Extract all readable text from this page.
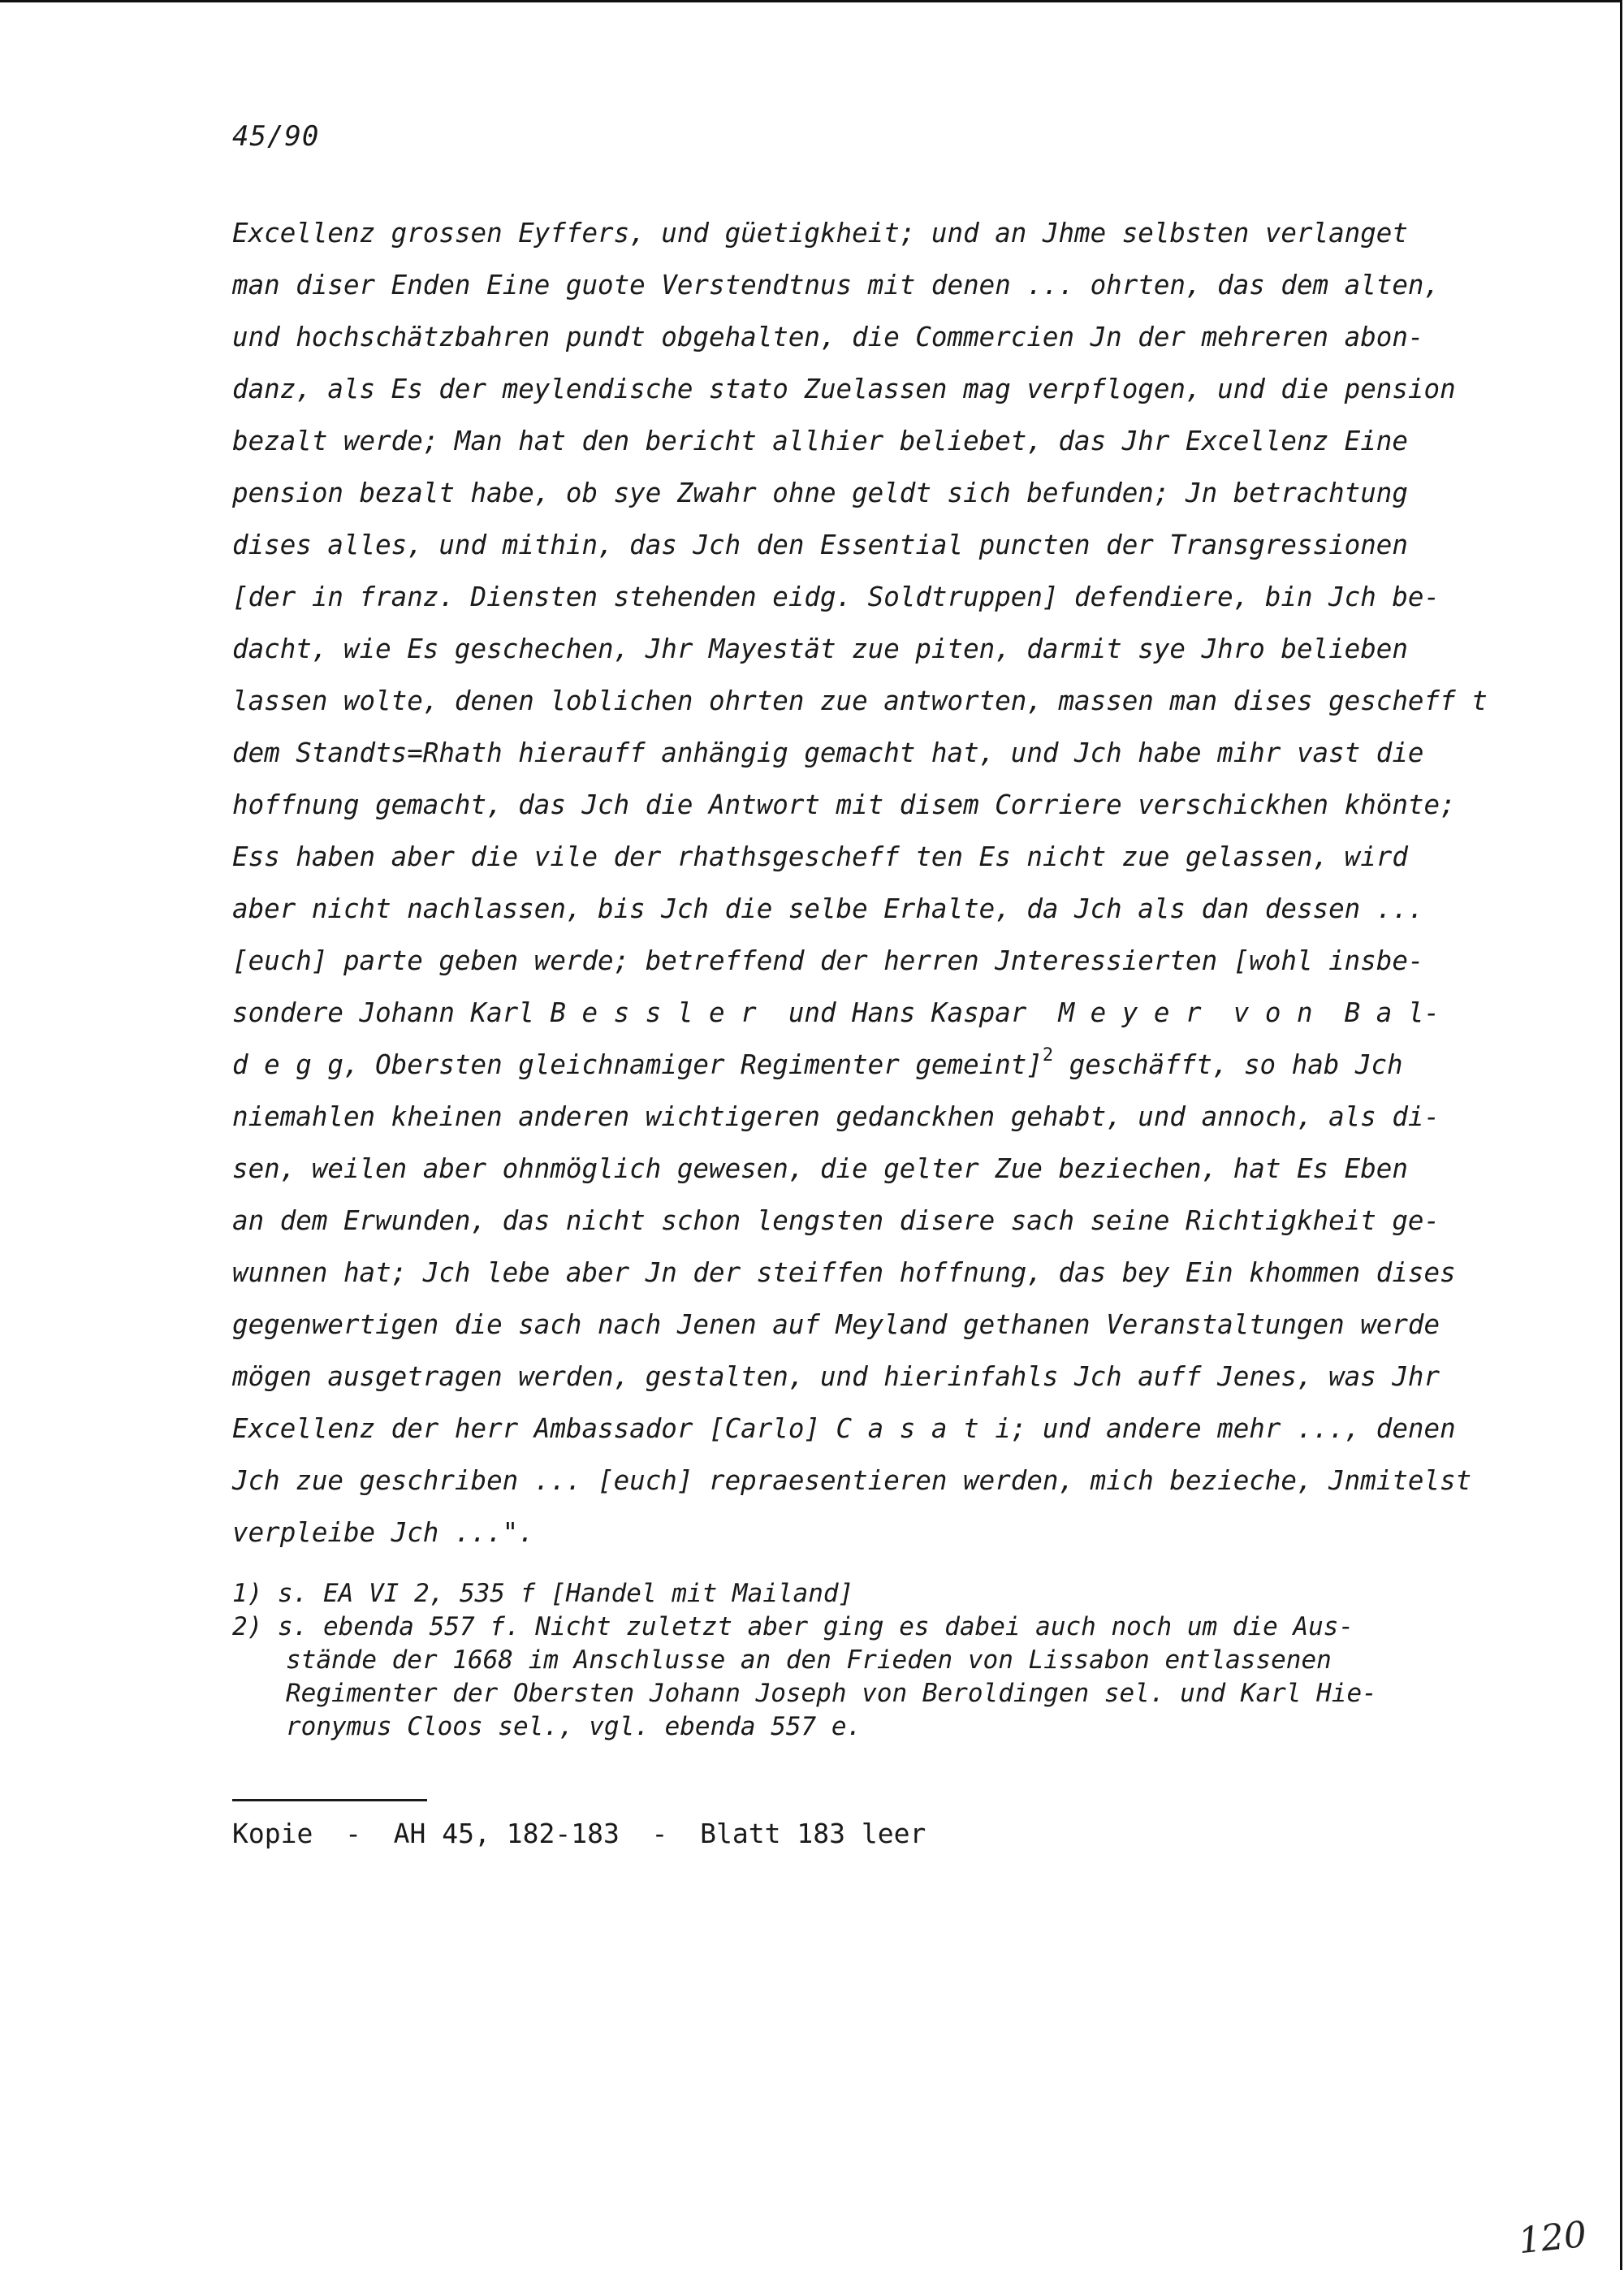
45/90

Excellenz grossen Eyffers, und güetigkheit; und an Jhme selbsten verlanget
man diser Enden Eine guote Verstendtnus mit denen ... ohrten, das dem alten,
und hochschätzbahren pundt obgehalten, die Commercien Jn der mehreren abon-
danz, als Es der meylendische stato Zuelassen mag verpflogen, und die pension
bezalt werde; Man hat den bericht allhier beliebet, das Jhr Excellenz Eine
pension bezalt habe, ob sye Zwahr ohne geldt sich befunden; Jn betrachtung
dises alles, und mithin, das Jch den Essential puncten der Transgressionen
[der in franz. Diensten stehenden eidg. Soldtruppen] defendiere, bin Jch be-
dacht, wie Es geschechen, Jhr Mayestät zue piten, darmit sye Jhro belieben
lassen wolte, denen loblichen ohrten zue antworten, massen man dises gescheff t
dem Standts=Rhath hierauff anhängig gemacht hat, und Jch habe mihr vast die
hoffnung gemacht, das Jch die Antwort mit disem Corriere verschickhen khönte;
Ess haben aber die vile der rhathsgescheff ten Es nicht zue gelassen, wird
aber nicht nachlassen, bis Jch die selbe Erhalte, da Jch als dan dessen ...
[euch] parte geben werde; betreffend der herren Jnteressierten [wohl insbe-
sondere Johann Karl B e s s l e r  und Hans Kaspar  M e y e r  v o n  B a l-
d e g g, Obersten gleichnamiger Regimenter gemeint]$^2$ geschäfft, so hab Jch
niemahlen kheinen anderen wichtigeren gedanckhen gehabt, und annoch, als di-
sen, weilen aber ohnmöglich gewesen, die gelter Zue beziechen, hat Es Eben
an dem Erwunden, das nicht schon lengsten disere sach seine Richtigkheit ge-
wunnen hat; Jch lebe aber Jn der steiffen hoffnung, das bey Ein khommen dises
gegenwertigen die sach nach Jenen auf Meyland gethanen Veranstaltungen werde
mögen ausgetragen werden, gestalten, und hierinfahls Jch auff Jenes, was Jhr
Excellenz der herr Ambassador [Carlo] C a s a t i; und andere mehr ..., denen
Jch zue geschriben ... [euch] repraesentieren werden, mich bezieche, Jnmitelst
verpleibe Jch ...".
1) s. EA VI 2, 535 f [Handel mit Mailand]
2) s. ebenda 557 f. Nicht zuletzt aber ging es dabei auch noch um die Aus-
stände der 1668 im Anschlusse an den Frieden von Lissabon entlassenen
Regimenter der Obersten Johann Joseph von Beroldingen sel. und Karl Hie-
ronymus Cloos sel., vgl. ebenda 557 e.

Kopie  -  AH 45, 182-183  -  Blatt 183 leer

120
